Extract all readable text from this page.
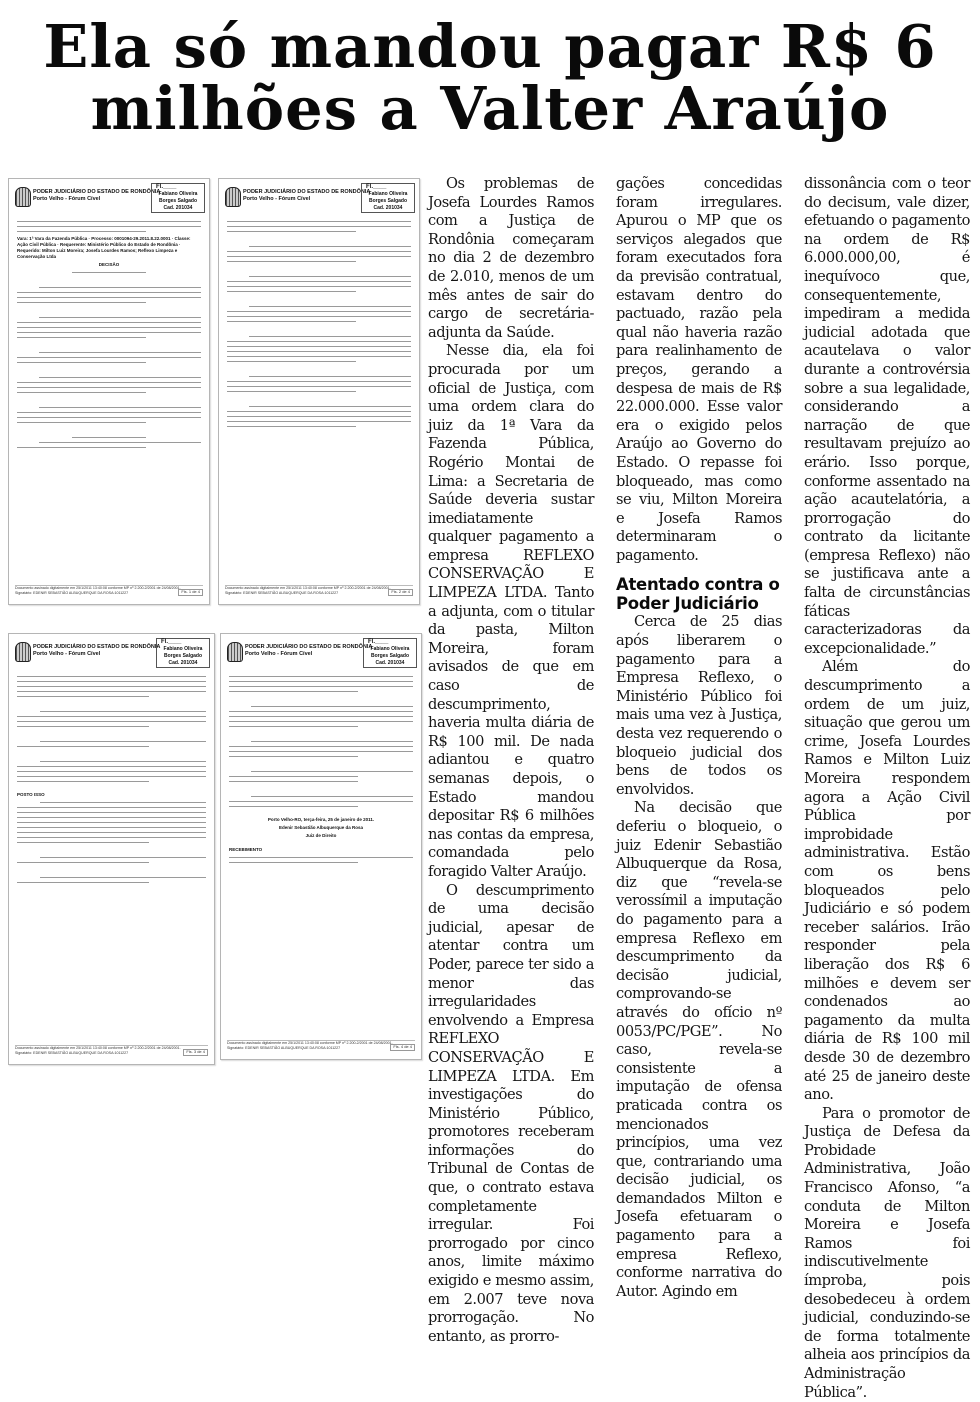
Ela só mandou pagar R$ 6 milhões a Valter Araújo
PODER JUDICIÁRIO DO ESTADO DE RONDÔNIA
Porto Velho - Fórum Cível
Fl.____
Fabiano Oliveira Borges Salgado
Cad. 201034
Vara: 1ª Vara da Fazenda Pública · Processo: 0001094-29.2011.8.22.0001 · Classe: Ação Civil Pública · Requerente: Ministério Público do Estado de Rondônia · Requerido: Milton Luiz Moreira; Josefa Lourdes Ramos; Reflexo Limpeza e Conservação Ltda
DECISÃO
Documento assinado digitalmente em 25/1/2011 13:40:08 conforme MP nº 2.200-2/2001 de 24/08/2001.
Signatário: EDENIR SEBASTIÃO ALBUQUERQUE DA ROSA:1011227	Fls. 1 de 4
PODER JUDICIÁRIO DO ESTADO DE RONDÔNIA
Porto Velho - Fórum Cível
Fl.____
Fabiano Oliveira Borges Salgado
Cad. 201034
Documento assinado digitalmente em 25/1/2011 13:40:08 conforme MP nº 2.200-2/2001 de 24/08/2001.
Signatário: EDENIR SEBASTIÃO ALBUQUERQUE DA ROSA:1011227	Fls. 2 de 4
PODER JUDICIÁRIO DO ESTADO DE RONDÔNIA
Porto Velho - Fórum Cível
Fl.____
Fabiano Oliveira Borges Salgado
Cad. 201034
POSTO ISSO
Documento assinado digitalmente em 25/1/2011 13:40:08 conforme MP nº 2.200-2/2001 de 24/08/2001.
Signatário: EDENIR SEBASTIÃO ALBUQUERQUE DA ROSA:1011227	Fls. 3 de 4
PODER JUDICIÁRIO DO ESTADO DE RONDÔNIA
Porto Velho - Fórum Cível
Fl.____
Fabiano Oliveira Borges Salgado
Cad. 201034
Porto Velho-RO, terça-feira, 25 de janeiro de 2011.
Edenir Sebastião Albuquerque da Rosa
Juiz de Direito
RECEBIMENTO
Documento assinado digitalmente em 25/1/2011 13:40:08 conforme MP nº 2.200-2/2001 de 24/08/2001.
Signatário: EDENIR SEBASTIÃO ALBUQUERQUE DA ROSA:1011227	Fls. 4 de 4

Os problemas de Josefa Lourdes Ramos com a Justiça de Rondônia começaram no dia 2 de dezembro de 2.010, menos de um mês antes de sair do cargo de secretária-adjunta da Saúde.

Nesse dia, ela foi procurada por um oficial de Justiça, com uma ordem clara do juiz da 1ª Vara da Fazenda Pública, Rogério Montai de Lima: a Secretaria de Saúde deveria sustar imediatamente qualquer pagamento a empresa REFLEXO CONSERVAÇÃO E LIMPEZA LTDA. Tanto a adjunta, com o titular da pasta, Milton Moreira, foram avisados de que em caso de descumprimento, haveria multa diária de R$ 100 mil. De nada adiantou e quatro semanas depois, o Estado mandou depositar R$ 6 milhões nas contas da empresa, comandada pelo foragido Valter Araújo.

O descumprimento de uma decisão judicial, apesar de atentar contra um Poder, parece ter sido a menor das irregularidades envolvendo a Empresa REFLEXO CONSERVAÇÃO E LIMPEZA LTDA. Em investigações do Ministério Público, promotores receberam informações do Tribunal de Contas de que, o contrato estava completamente irregular. Foi prorrogado por cinco anos, limite máximo exigido e mesmo assim, em 2.007 teve nova prorrogação. No entanto, as prorro-

gações concedidas foram irregulares. Apurou o MP que os serviços alegados que foram executados fora da previsão contratual, estavam dentro do pactuado, razão pela qual não haveria razão para realinhamento de preços, gerando a despesa de mais de R$ 22.000.000. Esse valor era o exigido pelos Araújo ao Governo do Estado. O repasse foi bloqueado, mas como se viu, Milton Moreira e Josefa Ramos determinaram o pagamento.

Atentado contra o Poder Judiciário

Cerca de 25 dias após liberarem o pagamento para a Empresa Reflexo, o Ministério Público foi mais uma vez à Justiça, desta vez requerendo o bloqueio judicial dos bens de todos os envolvidos.

Na decisão que deferiu o bloqueio, o juiz Edenir Sebastião Albuquerque da Rosa, diz que “revela-se verossímil a imputação do pagamento para a empresa Reflexo em descumprimento da decisão judicial, comprovando-se através do ofício nº 0053/PC/PGE”. No caso, revela-se consistente a imputação de ofensa praticada contra os mencionados princípios, uma vez que, contrariando uma decisão judicial, os demandados Milton e Josefa efetuaram o pagamento para a empresa Reflexo, conforme narrativa do Autor. Agindo em

dissonância com o teor do decisum, vale dizer, efetuando o pagamento na ordem de R$ 6.000.000,00, é inequívoco que, consequentemente, impediram a medida judicial adotada que acautelava o valor durante a controvérsia sobre a sua legalidade, considerando a narração de que resultavam prejuízo ao erário. Isso porque, conforme assentado na ação acautelatória, a prorrogação do contrato da licitante (empresa Reflexo) não se justificava ante a falta de circunstâncias fáticas caracterizadoras da excepcionalidade.”

Além do descumprimento a ordem de um juiz, situação que gerou um crime, Josefa Lourdes Ramos e Milton Luiz Moreira respondem agora a Ação Civil Pública por improbidade administrativa. Estão com os bens bloqueados pelo Judiciário e só podem receber salários. Irão responder pela liberação dos R$ 6 milhões e devem ser condenados ao pagamento da multa diária de R$ 100 mil desde 30 de dezembro até 25 de janeiro deste ano.

Para o promotor de Justiça de Defesa da Probidade Administrativa, João Francisco Afonso, “a conduta de Milton Moreira e Josefa Ramos foi indiscutivelmente ímproba, pois desobedeceu à ordem judicial, conduzindo-se de forma totalmente alheia aos princípios da Administração Pública”.
